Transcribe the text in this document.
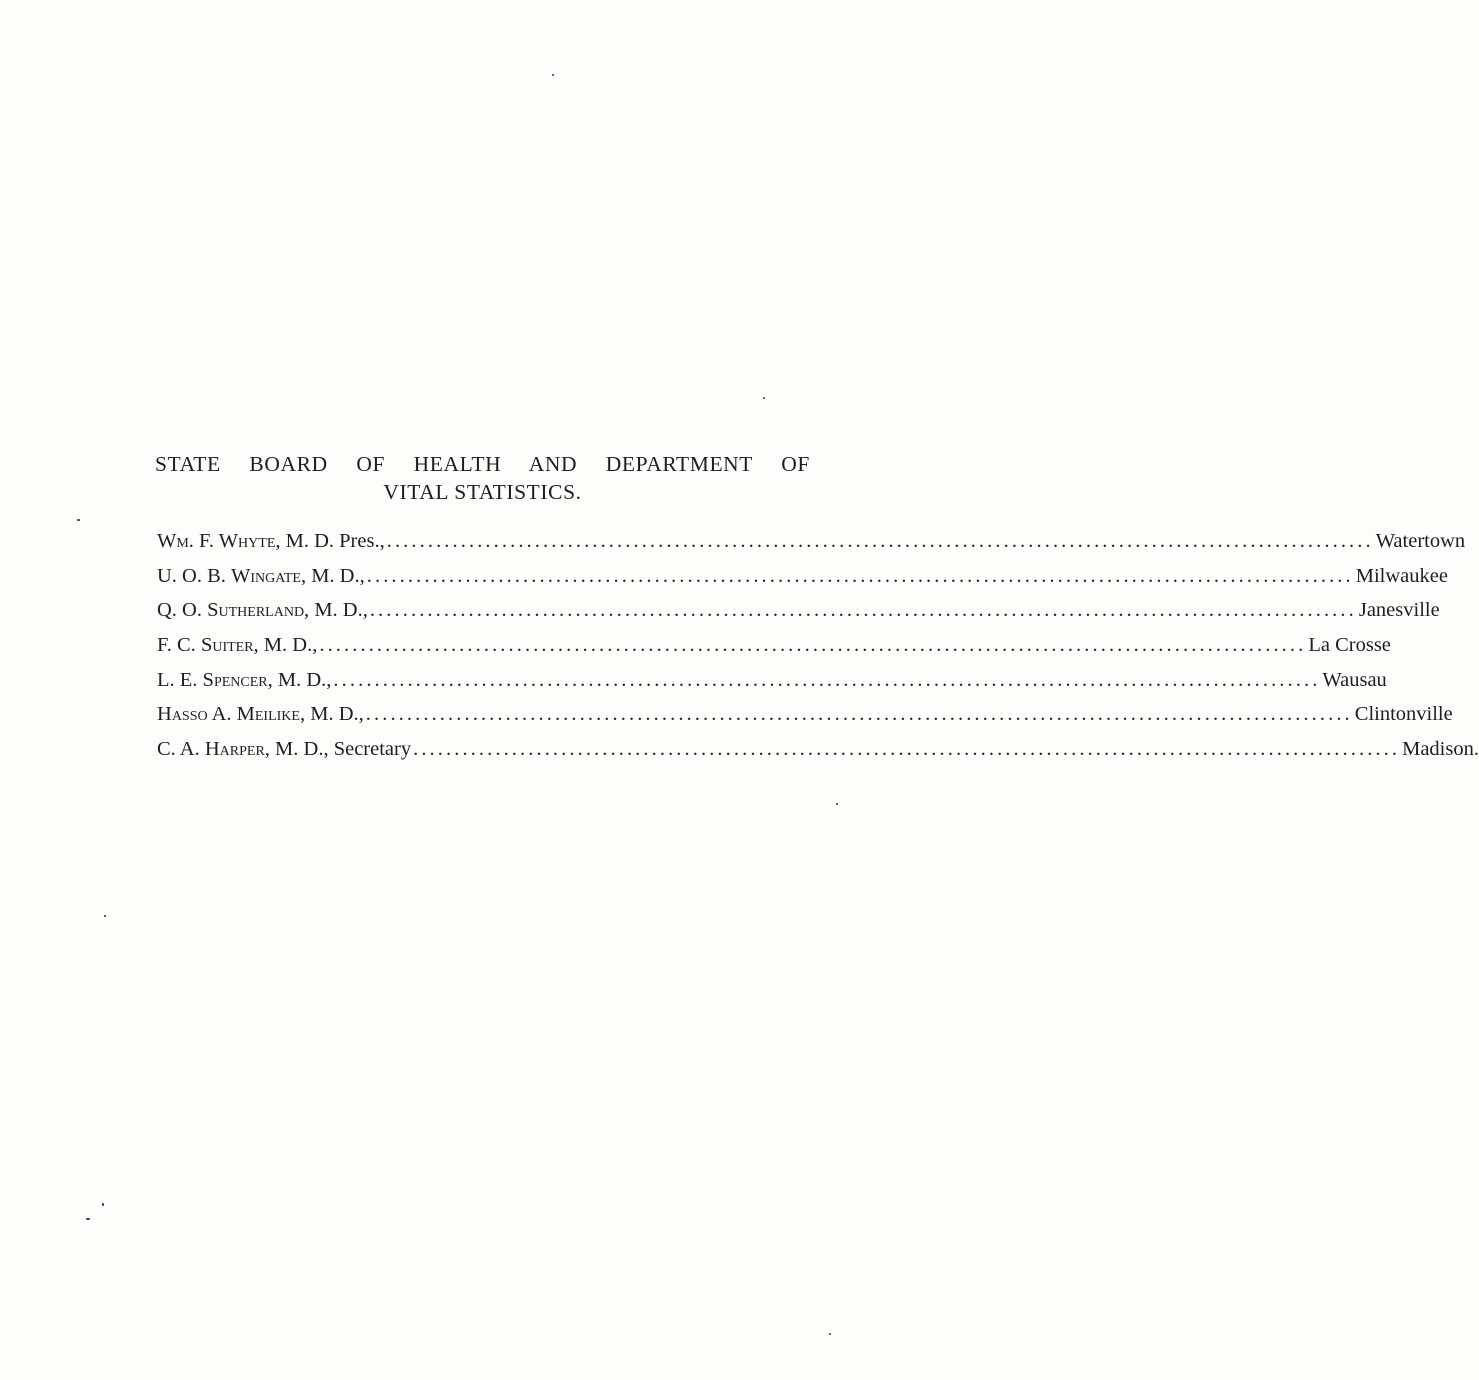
STATE BOARD OF HEALTH AND DEPARTMENT OF
VITAL STATISTICS.
Wm. F. Whyte, M. D. Pres., ........................................................................................................................ Watertown
U. O. B. Wingate, M. D., ........................................................................................................................ Milwaukee
Q. O. Sutherland, M. D., ........................................................................................................................ Janesville
F. C. Suiter, M. D., ........................................................................................................................ La Crosse
L. E. Spencer, M. D., ........................................................................................................................ Wausau
Hasso A. Meilike, M. D., ........................................................................................................................ Clintonville
C. A. Harper, M. D., Secretary ........................................................................................................................ Madison.
